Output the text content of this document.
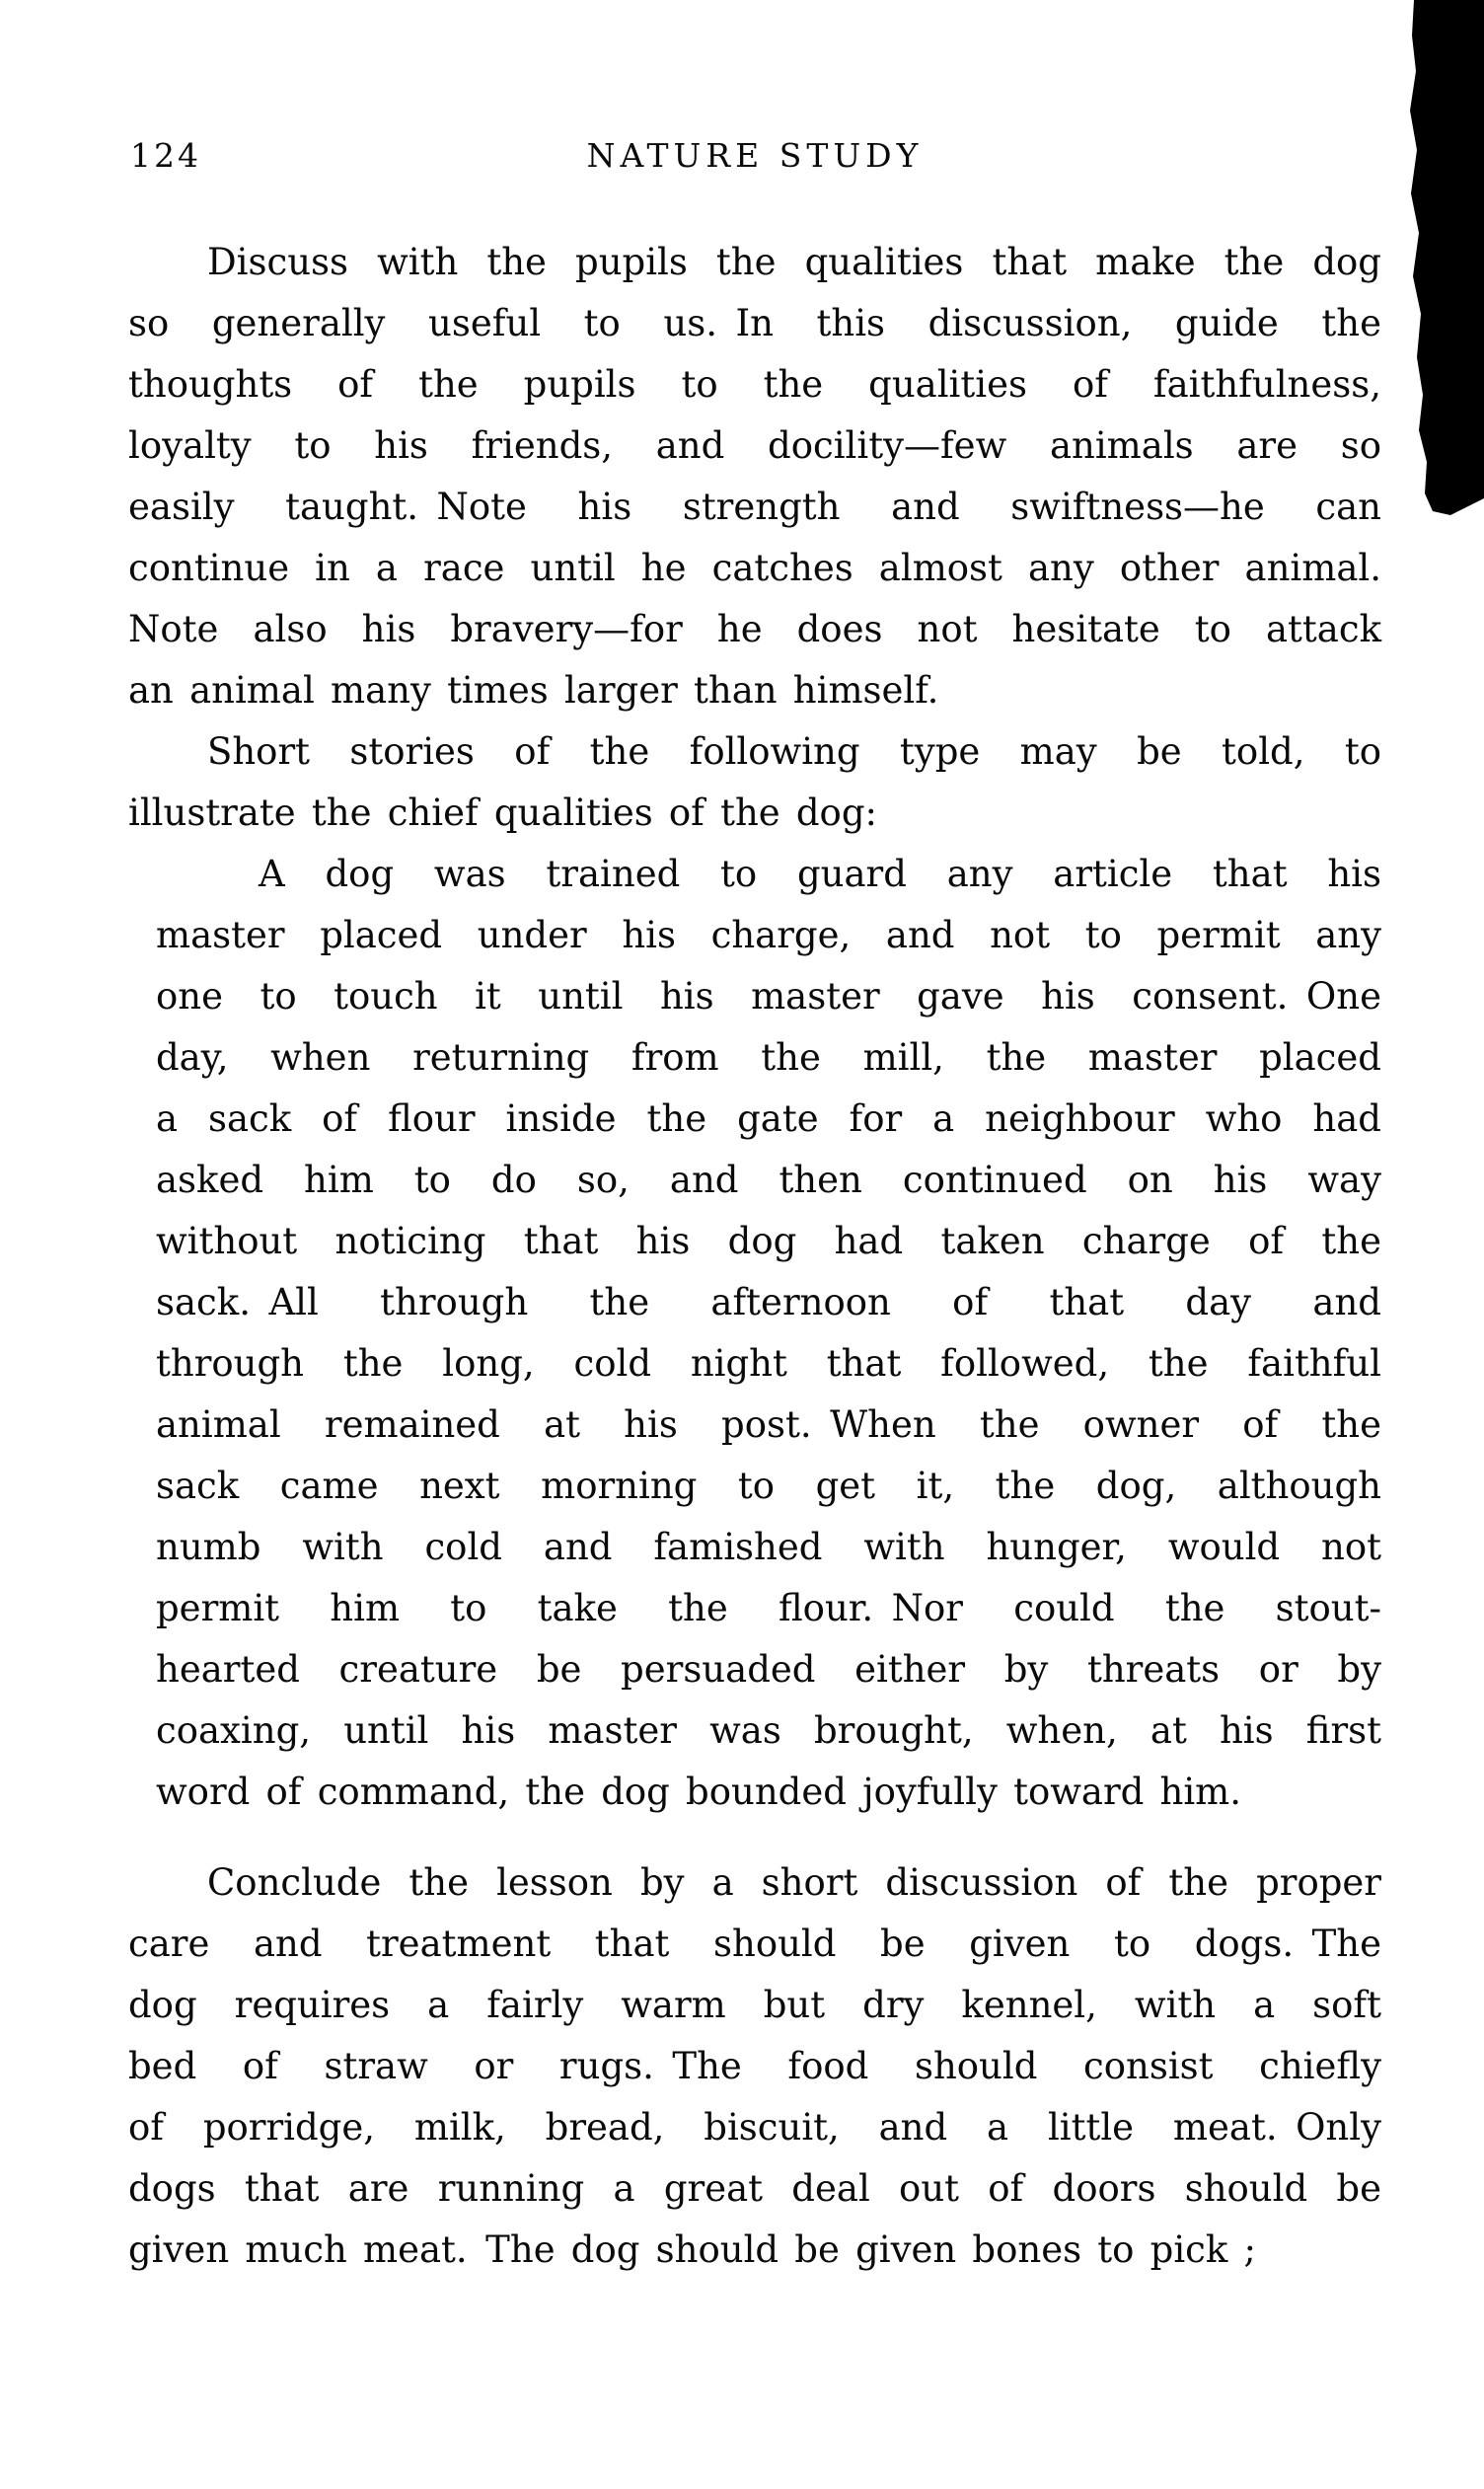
124	NATURE STUDY
Discuss with the pupils the qualities that make the dog
so generally useful to us. In this discussion, guide the
thoughts of the pupils to the qualities of faithfulness,
loyalty to his friends, and docility—few animals are so
easily taught. Note his strength and swiftness—he can
continue in a race until he catches almost any other animal.
Note also his bravery—for he does not hesitate to attack
an animal many times larger than himself.
Short stories of the following type may be told, to
illustrate the chief qualities of the dog:
A dog was trained to guard any article that his
master placed under his charge, and not to permit any
one to touch it until his master gave his consent. One
day, when returning from the mill, the master placed
a sack of flour inside the gate for a neighbour who had
asked him to do so, and then continued on his way
without noticing that his dog had taken charge of the
sack. All through the afternoon of that day and
through the long, cold night that followed, the faithful
animal remained at his post. When the owner of the
sack came next morning to get it, the dog, although
numb with cold and famished with hunger, would not
permit him to take the flour. Nor could the stout-
hearted creature be persuaded either by threats or by
coaxing, until his master was brought, when, at his first
word of command, the dog bounded joyfully toward him.
Conclude the lesson by a short discussion of the proper
care and treatment that should be given to dogs. The
dog requires a fairly warm but dry kennel, with a soft
bed of straw or rugs. The food should consist chiefly
of porridge, milk, bread, biscuit, and a little meat. Only
dogs that are running a great deal out of doors should be
given much meat. The dog should be given bones to pick ;
